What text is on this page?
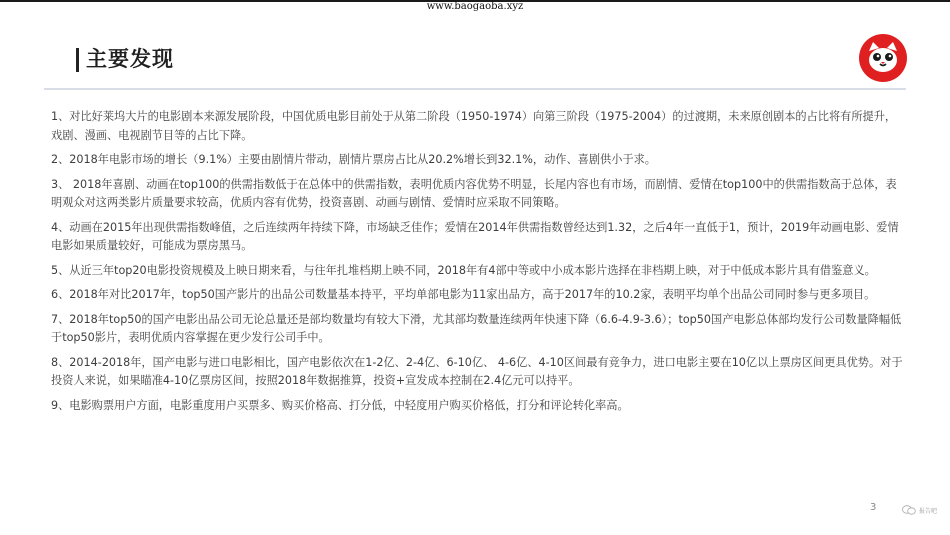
www.baogaoba.xyz
主要发现

1、对比好莱坞大片的电影剧本来源发展阶段，中国优质电影目前处于从第二阶段（1950-1974）向第三阶段（1975-2004）的过渡期，未来原创剧本的占比将有所提升，戏剧、漫画、电视剧节目等的占比下降。

2、2018年电影市场的增长（9.1%）主要由剧情片带动，剧情片票房占比从20.2%增长到32.1%，动作、喜剧供小于求。

3、 2018年喜剧、动画在top100的供需指数低于在总体中的供需指数，表明优质内容优势不明显，长尾内容也有市场，而剧情、爱情在top100中的供需指数高于总体，表明观众对这两类影片质量要求较高，优质内容有优势，投资喜剧、动画与剧情、爱情时应采取不同策略。

4、动画在2015年出现供需指数峰值，之后连续两年持续下降，市场缺乏佳作；爱情在2014年供需指数曾经达到1.32，之后4年一直低于1，预计，2019年动画电影、爱情电影如果质量较好，可能成为票房黑马。

5、从近三年top20电影投资规模及上映日期来看，与往年扎堆档期上映不同，2018年有4部中等或中小成本影片选择在非档期上映，对于中低成本影片具有借鉴意义。

6、2018年对比2017年，top50国产影片的出品公司数量基本持平，平均单部电影为11家出品方，高于2017年的10.2家，表明平均单个出品公司同时参与更多项目。

7、2018年top50的国产电影出品公司无论总量还是部均数量均有较大下滑，尤其部均数量连续两年快速下降（6.6-4.9-3.6）；top50国产电影总体部均发行公司数量降幅低于top50影片，表明优质内容掌握在更少发行公司手中。

8、2014-2018年，国产电影与进口电影相比，国产电影依次在1-2亿、2-4亿、6-10亿、 4-6亿、4-10区间最有竞争力，进口电影主要在10亿以上票房区间更具优势。对于投资人来说，如果瞄准4-10亿票房区间，按照2018年数据推算，投资+宣发成本控制在2.4亿元可以持平。

9、电影购票用户方面，电影重度用户买票多、购买价格高、打分低，中轻度用户购买价格低，打分和评论转化率高。

3	报告吧
